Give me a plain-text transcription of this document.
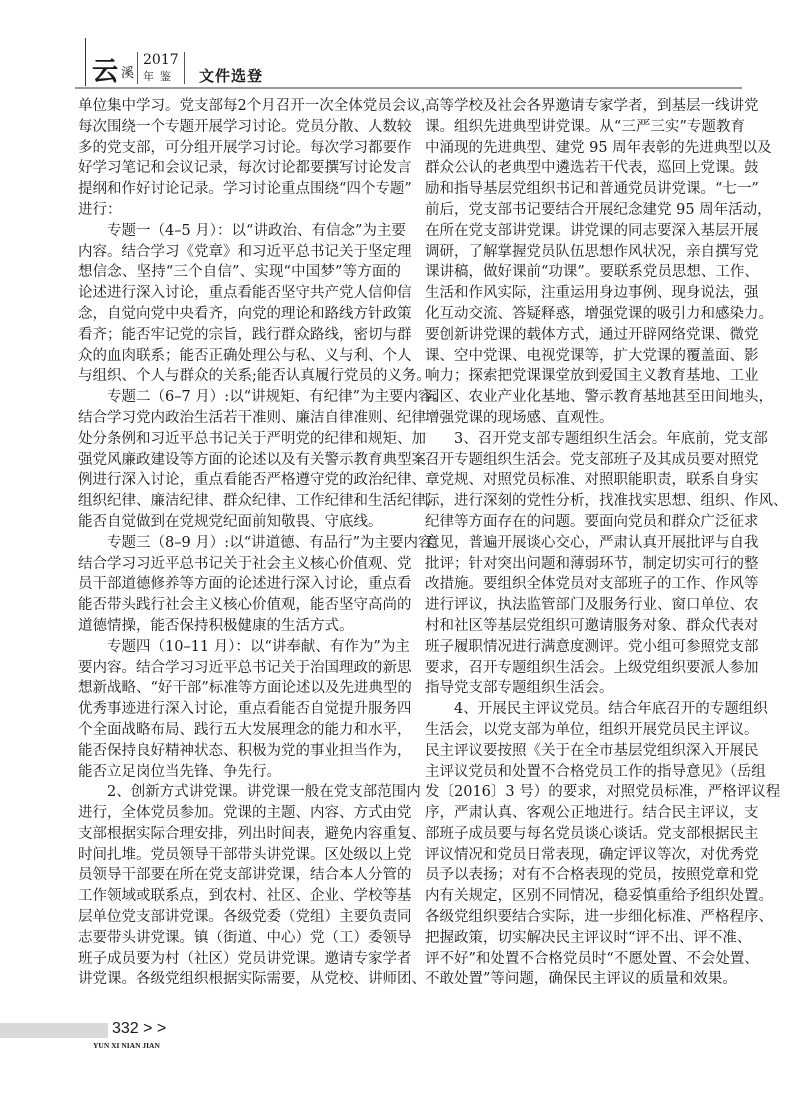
云 溪
2017
年鉴 文件选登
单位集中学习。党支部每2个月召开一次全体党员会议，
每次围绕一个专题开展学习讨论。党员分散、人数较
多的党支部，可分组开展学习讨论。每次学习都要作
好学习笔记和会议记录，每次讨论都要撰写讨论发言
提纲和作好讨论记录。学习讨论重点围绕“四个专题”
进行：
专题一（4–5 月）：以“讲政治、有信念”为主要
内容。结合学习《党章》和习近平总书记关于坚定理
想信念、坚持“三个自信”、实现“中国梦”等方面的
论述进行深入讨论，重点看能否坚守共产党人信仰信
念，自觉向党中央看齐，向党的理论和路线方针政策
看齐；能否牢记党的宗旨，践行群众路线，密切与群
众的血肉联系；能否正确处理公与私、义与利、个人
与组织、个人与群众的关系;能否认真履行党员的义务。
专题二（6–7 月）:以“讲规矩、有纪律”为主要内容。
结合学习党内政治生活若干准则、廉洁自律准则、纪律
处分条例和习近平总书记关于严明党的纪律和规矩、加
强党风廉政建设等方面的论述以及有关警示教育典型案
例进行深入讨论，重点看能否严格遵守党的政治纪律、
组织纪律、廉洁纪律、群众纪律、工作纪律和生活纪律，
能否自觉做到在党规党纪面前知敬畏、守底线。
专题三（8–9 月）:以“讲道德、有品行”为主要内容。
结合学习习近平总书记关于社会主义核心价值观、党
员干部道德修养等方面的论述进行深入讨论，重点看
能否带头践行社会主义核心价值观，能否坚守高尚的
道德情操，能否保持积极健康的生活方式。
专题四（10–11 月）：以“讲奉献、有作为”为主
要内容。结合学习习近平总书记关于治国理政的新思
想新战略、“好干部”标准等方面论述以及先进典型的
优秀事迹进行深入讨论，重点看能否自觉提升服务四
个全面战略布局、践行五大发展理念的能力和水平，
能否保持良好精神状态、积极为党的事业担当作为，
能否立足岗位当先锋、争先行。
2、创新方式讲党课。讲党课一般在党支部范围内
进行，全体党员参加。党课的主题、内容、方式由党
支部根据实际合理安排，列出时间表，避免内容重复、
时间扎堆。党员领导干部带头讲党课。区处级以上党
员领导干部要在所在党支部讲党课，结合本人分管的
工作领域或联系点，到农村、社区、企业、学校等基
层单位党支部讲党课。各级党委（党组）主要负责同
志要带头讲党课。镇（街道、中心）党（工）委领导
班子成员要为村（社区）党员讲党课。邀请专家学者
讲党课。各级党组织根据实际需要，从党校、讲师团、
高等学校及社会各界邀请专家学者，到基层一线讲党
课。组织先进典型讲党课。从“三严三实”专题教育
中涌现的先进典型、建党 95 周年表彰的先进典型以及
群众公认的老典型中遴选若干代表，巡回上党课。鼓
励和指导基层党组织书记和普通党员讲党课。“七一”
前后，党支部书记要结合开展纪念建党 95 周年活动，
在所在党支部讲党课。讲党课的同志要深入基层开展
调研，了解掌握党员队伍思想作风状况，亲自撰写党
课讲稿，做好课前“功课”。要联系党员思想、工作、
生活和作风实际，注重运用身边事例、现身说法，强
化互动交流、答疑释惑，增强党课的吸引力和感染力。
要创新讲党课的载体方式，通过开辟网络党课、微党
课、空中党课、电视党课等，扩大党课的覆盖面、影
响力；探索把党课课堂放到爱国主义教育基地、工业
园区、农业产业化基地、警示教育基地甚至田间地头，
增强党课的现场感、直观性。
3、召开党支部专题组织生活会。年底前，党支部
召开专题组织生活会。党支部班子及其成员要对照党
章党规、对照党员标准、对照职能职责，联系自身实
际，进行深刻的党性分析，找准找实思想、组织、作风、
纪律等方面存在的问题。要面向党员和群众广泛征求
意见，普遍开展谈心交心，严肃认真开展批评与自我
批评；针对突出问题和薄弱环节，制定切实可行的整
改措施。要组织全体党员对支部班子的工作、作风等
进行评议，执法监管部门及服务行业、窗口单位、农
村和社区等基层党组织可邀请服务对象、群众代表对
班子履职情况进行满意度测评。党小组可参照党支部
要求，召开专题组织生活会。上级党组织要派人参加
指导党支部专题组织生活会。
4、开展民主评议党员。结合年底召开的专题组织
生活会，以党支部为单位，组织开展党员民主评议。
民主评议要按照《关于在全市基层党组织深入开展民
主评议党员和处置不合格党员工作的指导意见》（岳组
发〔2016〕3 号）的要求，对照党员标准，严格评议程
序，严肃认真、客观公正地进行。结合民主评议，支
部班子成员要与每名党员谈心谈话。党支部根据民主
评议情况和党员日常表现，确定评议等次，对优秀党
员予以表扬；对有不合格表现的党员，按照党章和党
内有关规定，区别不同情况，稳妥慎重给予组织处置。
各级党组织要结合实际，进一步细化标准、严格程序、
把握政策，切实解决民主评议时“评不出、评不准、
评不好”和处置不合格党员时“不愿处置、不会处置、
不敢处置”等问题，确保民主评议的质量和效果。
332 > >
YUN XI NIAN JIAN
